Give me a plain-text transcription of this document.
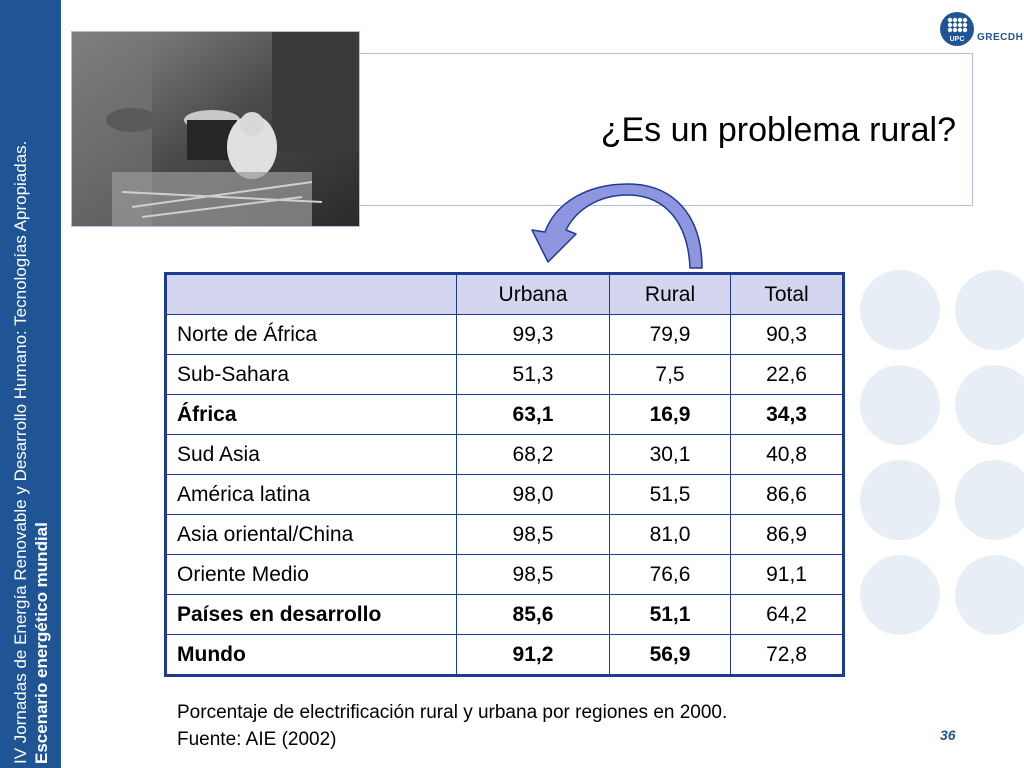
IV Jornadas de Energía Renovable y Desarrollo Humano: Tecnologías Apropiadas. Escenario energético mundial
UPC GRECDH
¿Es un problema rural?
	Urbana	Rural	Total
Norte de África	99,3	79,9	90,3
Sub-Sahara	51,3	7,5	22,6
África	63,1	16,9	34,3
Sud Asia	68,2	30,1	40,8
América latina	98,0	51,5	86,6
Asia oriental/China	98,5	81,0	86,9
Oriente Medio	98,5	76,6	91,1
Países en desarrollo	85,6	51,1	64,2
Mundo	91,2	56,9	72,8
Porcentaje de electrificación rural y urbana por regiones en 2000.
Fuente: AIE (2002)	36
